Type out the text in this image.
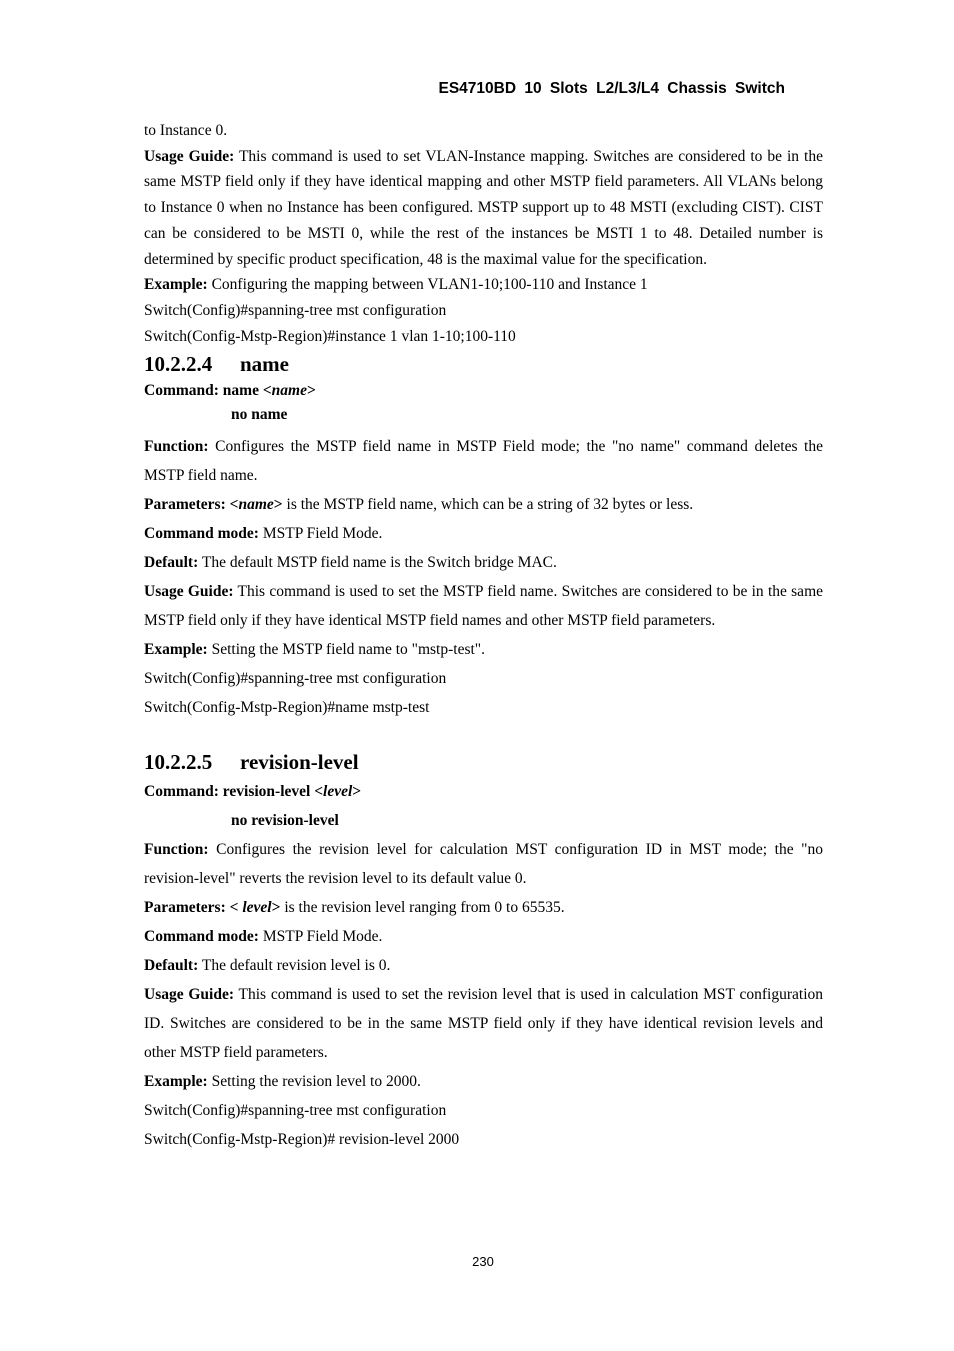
ES4710BD 10 Slots L2/L3/L4 Chassis Switch

to Instance 0.

Usage Guide: This command is used to set VLAN-Instance mapping. Switches are considered to be in the same MSTP field only if they have identical mapping and other MSTP field parameters. All VLANs belong to Instance 0 when no Instance has been configured. MSTP support up to 48 MSTI (excluding CIST). CIST can be considered to be MSTI 0, while the rest of the instances be MSTI 1 to 48. Detailed number is determined by specific product specification, 48 is the maximal value for the specification.

Example: Configuring the mapping between VLAN1-10;100-110 and Instance 1

Switch(Config)#spanning-tree mst configuration

Switch(Config-Mstp-Region)#instance 1 vlan 1-10;100-110

10.2.2.4 name

Command: name <name>

no name

Function: Configures the MSTP field name in MSTP Field mode; the "no name" command deletes the MSTP field name.

Parameters: <name> is the MSTP field name, which can be a string of 32 bytes or less.

Command mode: MSTP Field Mode.

Default: The default MSTP field name is the Switch bridge MAC.

Usage Guide: This command is used to set the MSTP field name. Switches are considered to be in the same MSTP field only if they have identical MSTP field names and other MSTP field parameters.

Example: Setting the MSTP field name to "mstp-test".

Switch(Config)#spanning-tree mst configuration

Switch(Config-Mstp-Region)#name mstp-test

10.2.2.5 revision-level

Command: revision-level <level>

no revision-level

Function: Configures the revision level for calculation MST configuration ID in MST mode; the "no revision-level" reverts the revision level to its default value 0.

Parameters: < level> is the revision level ranging from 0 to 65535.

Command mode: MSTP Field Mode.

Default: The default revision level is 0.

Usage Guide: This command is used to set the revision level that is used in calculation MST configuration ID. Switches are considered to be in the same MSTP field only if they have identical revision levels and other MSTP field parameters.

Example: Setting the revision level to 2000.

Switch(Config)#spanning-tree mst configuration

Switch(Config-Mstp-Region)# revision-level 2000

230
